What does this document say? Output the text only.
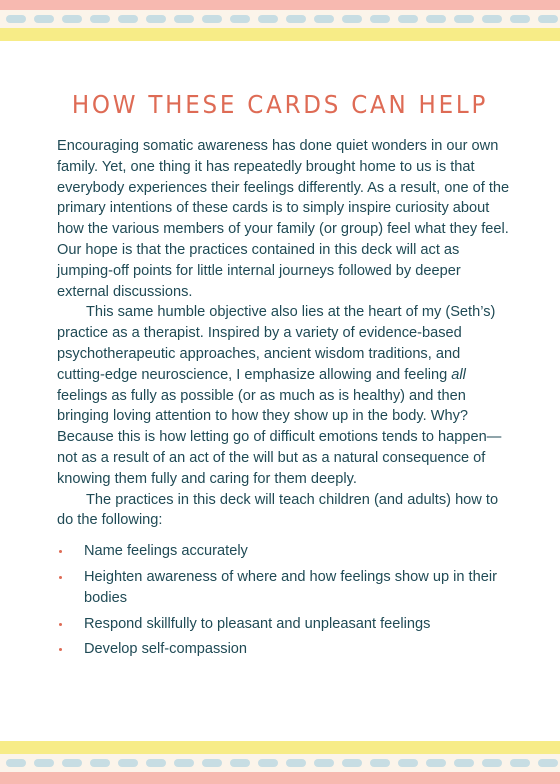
HOW THESE CARDS CAN HELP

Encouraging somatic awareness has done quiet wonders in our own family. Yet, one thing it has repeatedly brought home to us is that everybody experiences their feelings differently. As a result, one of the primary intentions of these cards is to simply inspire curiosity about how the various members of your family (or group) feel what they feel. Our hope is that the practices contained in this deck will act as jumping-off points for little internal journeys followed by deeper external discussions.

This same humble objective also lies at the heart of my (Seth’s) practice as a therapist. Inspired by a variety of evidence-based psychotherapeutic approaches, ancient wisdom traditions, and cutting-edge neuroscience, I emphasize allowing and feeling all feelings as fully as possible (or as much as is healthy) and then bringing loving attention to how they show up in the body. Why? Because this is how letting go of difficult emotions tends to happen—not as a result of an act of the will but as a natural consequence of knowing them fully and caring for them deeply.

The practices in this deck will teach children (and adults) how to do the following:

Name feelings accurately
Heighten awareness of where and how feelings show up in their bodies
Respond skillfully to pleasant and unpleasant feelings
Develop self-compassion
